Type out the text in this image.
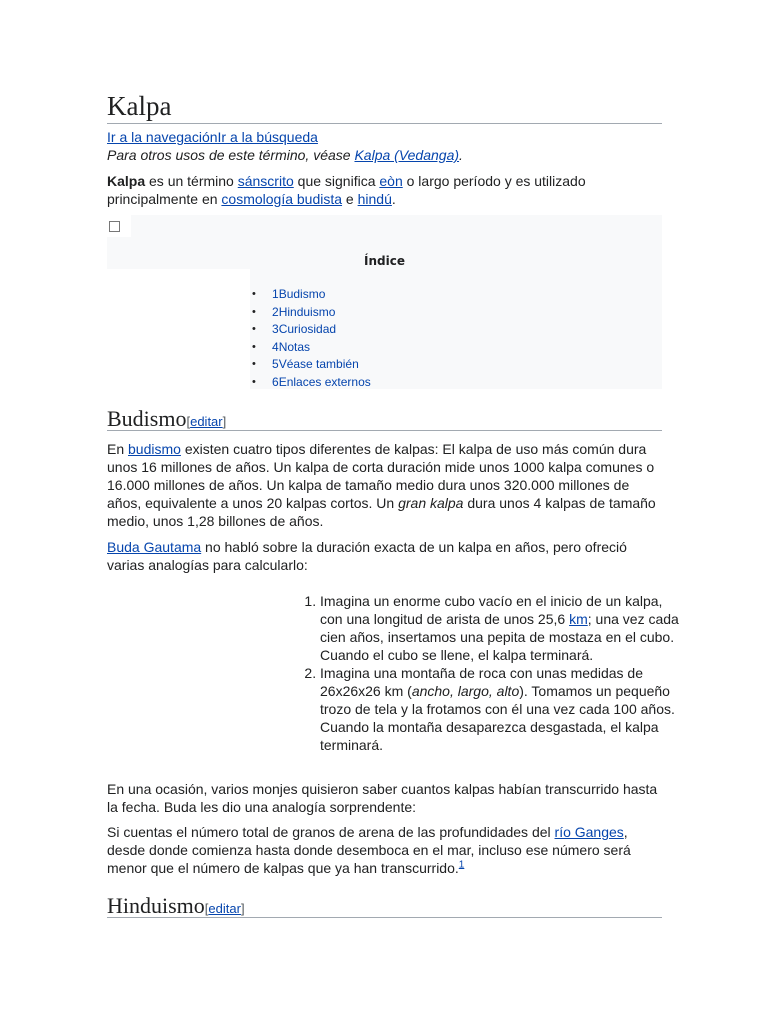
Kalpa
Ir a la navegaciónIr a la búsqueda
Para otros usos de este término, véase Kalpa (Vedanga).
Kalpa es un término sánscrito que significa eòn o largo período y es utilizado principalmente en cosmología budista e hindú.
Índice
• 1Budismo
• 2Hinduismo
• 3Curiosidad
• 4Notas
• 5Véase también
• 6Enlaces externos
Budismo[editar]
En budismo existen cuatro tipos diferentes de kalpas: El kalpa de uso más común dura unos 16 millones de años. Un kalpa de corta duración mide unos 1000 kalpa comunes o 16.000 millones de años. Un kalpa de tamaño medio dura unos 320.000 millones de años, equivalente a unos 20 kalpas cortos. Un gran kalpa dura unos 4 kalpas de tamaño medio, unos 1,28 billones de años.
Buda Gautama no habló sobre la duración exacta de un kalpa en años, pero ofreció varias analogías para calcularlo:
1. Imagina un enorme cubo vacío en el inicio de un kalpa, con una longitud de arista de unos 25,6 km; una vez cada cien años, insertamos una pepita de mostaza en el cubo. Cuando el cubo se llene, el kalpa terminará.
2. Imagina una montaña de roca con unas medidas de 26x26x26 km (ancho, largo, alto). Tomamos un pequeño trozo de tela y la frotamos con él una vez cada 100 años. Cuando la montaña desaparezca desgastada, el kalpa terminará.
En una ocasión, varios monjes quisieron saber cuantos kalpas habían transcurrido hasta la fecha. Buda les dio una analogía sorprendente:
Si cuentas el número total de granos de arena de las profundidades del río Ganges, desde donde comienza hasta donde desemboca en el mar, incluso ese número será menor que el número de kalpas que ya han transcurrido.$^1$
Hinduismo[editar]
